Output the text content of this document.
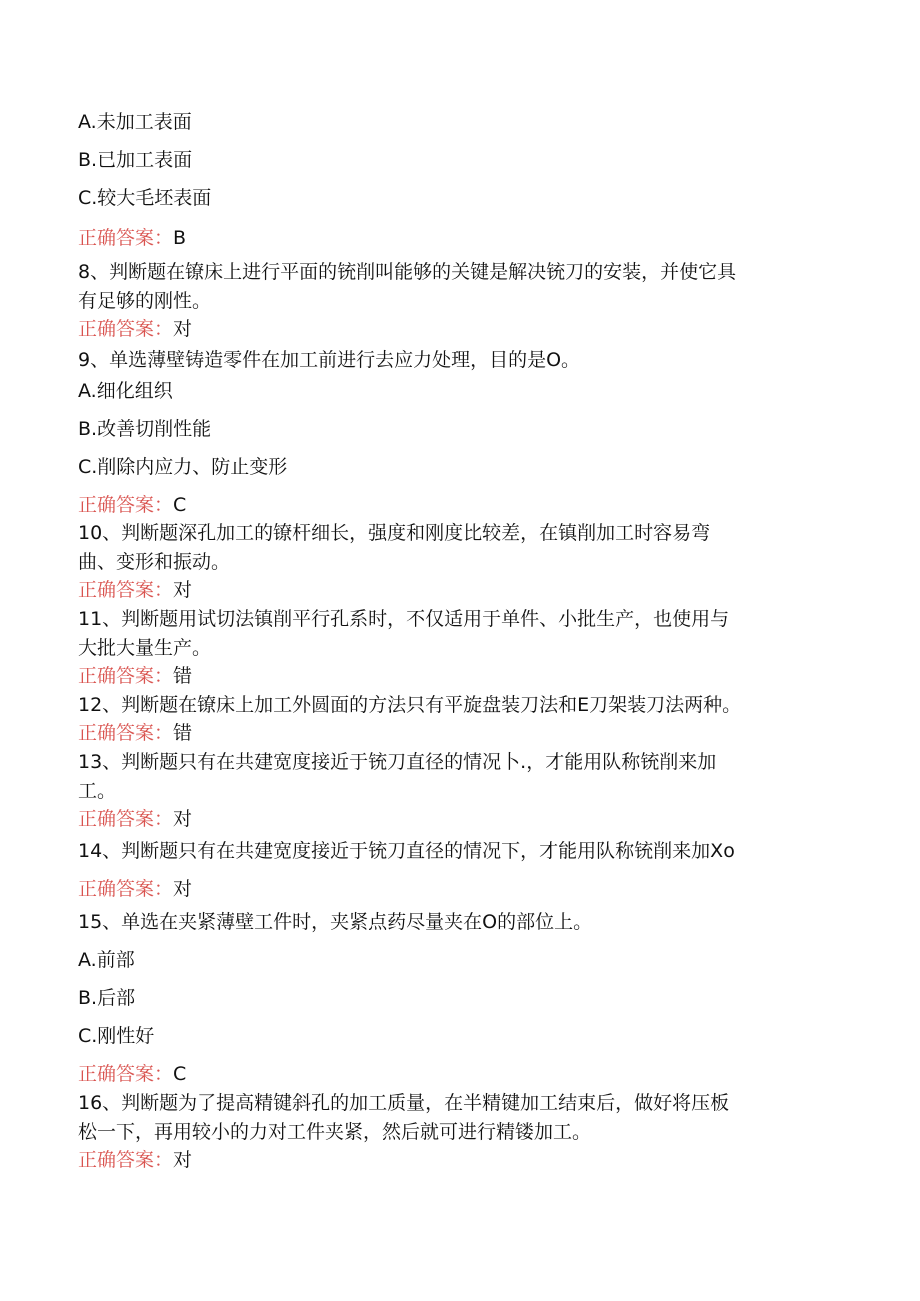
A.未加工表面
B.已加工表面
C.较大毛坯表面
正确答案：B
8、判断题在镣床上进行平面的铳削叫能够的关键是解决铳刀的安装，并使它具
有足够的刚性。
正确答案：对
9、单选薄壁铸造零件在加工前进行去应力处理，目的是O。
A.细化组织
B.改善切削性能
C.削除内应力、防止变形
正确答案：C
10、判断题深孔加工的镣杆细长，强度和刚度比较差，在镇削加工时容易弯
曲、变形和振动。
正确答案：对
11、判断题用试切法镇削平行孔系时，不仅适用于单件、小批生产，也使用与
大批大量生产。
正确答案：错
12、判断题在镣床上加工外圆面的方法只有平旋盘装刀法和E刀架装刀法两种。
正确答案：错
13、判断题只有在共建宽度接近于铳刀直径的情况卜.，才能用队称铳削来加
工。
正确答案：对
14、判断题只有在共建宽度接近于铳刀直径的情况下，才能用队称铳削来加Xo
正确答案：对
15、单选在夹紧薄壁工件时，夹紧点药尽量夹在O的部位上。
A.前部
B.后部
C.刚性好
正确答案：C
16、判断题为了提高精键斜孔的加工质量，在半精键加工结束后，做好将压板
松一下，再用较小的力对工件夹紧，然后就可进行精镂加工。
正确答案：对
